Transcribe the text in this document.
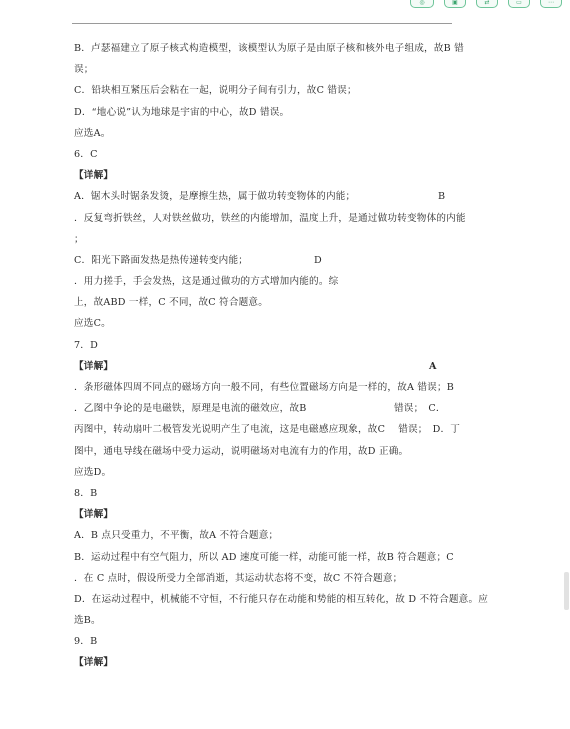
◎	▣	⇄	▭	⋯
B．卢瑟福建立了原子核式构造模型，该模型认为原子是由原子核和核外电子组成，故B 错
误；
C．铅块相互紧压后会粘在一起，说明分子间有引力，故C 错误；
D．“地心说”认为地球是宇宙的中心，故D 错误。
应选A。
6．C
【详解】
A．锯木头时锯条发烫，是摩擦生热，属于做功转变物体的内能；	B
．反复弯折铁丝，人对铁丝做功，铁丝的内能增加，温度上升，是通过做功转变物体的内能
；
C．阳光下路面发热是热传递转变内能；	D
．用力搓手，手会发热，这是通过做功的方式增加内能的。综
上，故ABD 一样，C 不同，故C 符合题意。
应选C。
7．D
【详解】	A
．条形磁体四周不同点的磁场方向一般不同，有些位置磁场方向是一样的，故A 错误；B
．乙图中争论的是电磁铁，原理是电流的磁效应，故B	错误；　C．
丙图中，转动扇叶二极管发光说明产生了电流，这是电磁感应现象，故C　 错误；　D．丁
图中，通电导线在磁场中受力运动，说明磁场对电流有力的作用，故D 正确。
应选D。
8．B
【详解】
A．B 点只受重力，不平衡，故A 不符合题意；
B．运动过程中有空气阻力，所以 AD 速度可能一样，动能可能一样，故B 符合题意；C
．在 C 点时，假设所受力全部消逝，其运动状态将不变，故C 不符合题意；
D．在运动过程中，机械能不守恒，不行能只存在动能和势能的相互转化，故 D 不符合题意。应
选B。
9．B
【详解】
